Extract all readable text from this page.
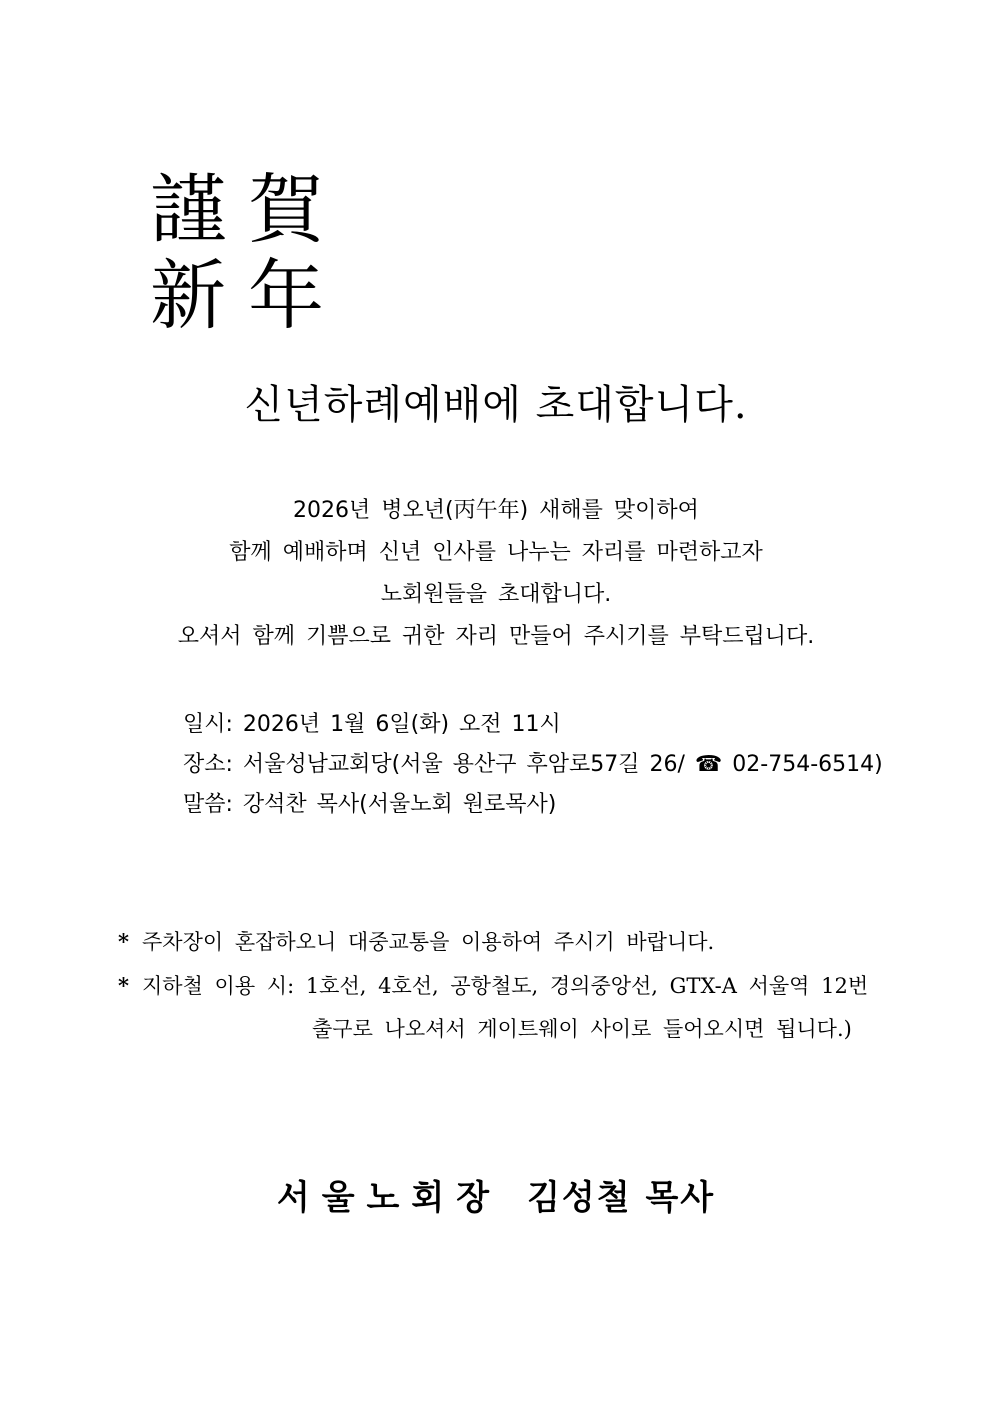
謹賀
新年
신년하례예배에 초대합니다.
2026년 병오년(丙午年) 새해를 맞이하여
함께 예배하며 신년 인사를 나누는 자리를 마련하고자
노회원들을 초대합니다.
오셔서 함께 기쁨으로 귀한 자리 만들어 주시기를 부탁드립니다.
일시: 2026년 1월 6일(화) 오전 11시
장소: 서울성남교회당(서울 용산구 후암로57길 26/ ☎ 02-754-6514)
말씀: 강석찬 목사(서울노회 원로목사)
* 주차장이 혼잡하오니 대중교통을 이용하여 주시기 바랍니다.
* 지하철 이용 시: 1호선, 4호선, 공항철도, 경의중앙선, GTX-A 서울역 12번
출구로 나오셔서 게이트웨이 사이로 들어오시면 됩니다.)
서울노회장 김성철 목사
